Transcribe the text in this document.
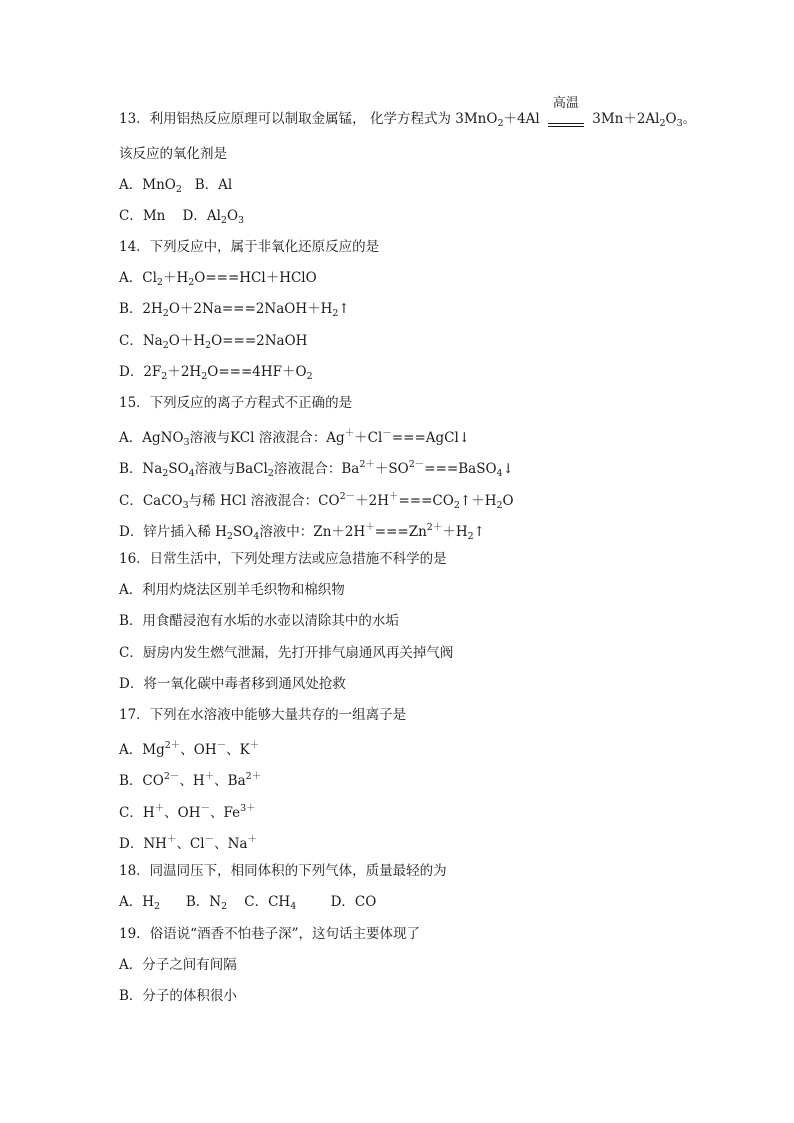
13．利用铝热反应原理可以制取金属锰， 化学方程式为 3MnO$_2$＋4Al
高温
$3Mn+2Al_2O_3$。
该反应的氧化剂是
A．MnO$_2$   B．Al
C．Mn    D．$Al_2O_3$
14．下列反应中，属于非氧化还原反应的是
A．$Cl_2+H_2O===HCl+HClO$
B．$2H_2O+2Na===2NaOH+H_2↑$
C．$Na_2O+H_2O===2NaOH$
D．$2F_2+2H_2O===4HF+O_2$
15．下列反应的离子方程式不正确的是
A．AgNO$_3$溶液与KCl 溶液混合：Ag＋＋Cl－===AgCl↓
B．$Na_2SO_4$溶液与BaCl$_2$溶液混合：$Ba^{2+}+SO^{2-}===BaSO_4↓$
C．CaCO$_3$与稀 HCl 溶液混合：$CO^{2-}+2H^+===CO_2↑+H_2O$
D．锌片插入稀 $H_2SO_4$溶液中：$Zn+2H^+===Zn^{2+}+H_2↑$
16．日常生活中，下列处理方法或应急措施不科学的是
A．利用灼烧法区别羊毛织物和棉织物
B．用食醋浸泡有水垢的水壶以清除其中的水垢
C．厨房内发生燃气泄漏，先打开排气扇通风再关掉气阀
D．将一氧化碳中毒者移到通风处抢救
17．下列在水溶液中能够大量共存的一组离子是
A．$Mg^{2+}$、OH－、K＋
B．$CO^{2-}$、H＋、$Ba^{2+}$
C．H＋、OH－、$Fe^{3+}$
D．NH＋、Cl－、Na＋
18．同温同压下，相同体积的下列气体，质量最轻的为
A．$H_2$      B．$N_2$    C．$CH_4$        D．CO
19．俗语说“酒香不怕巷子深”，这句话主要体现了
A．分子之间有间隔
B．分子的体积很小
